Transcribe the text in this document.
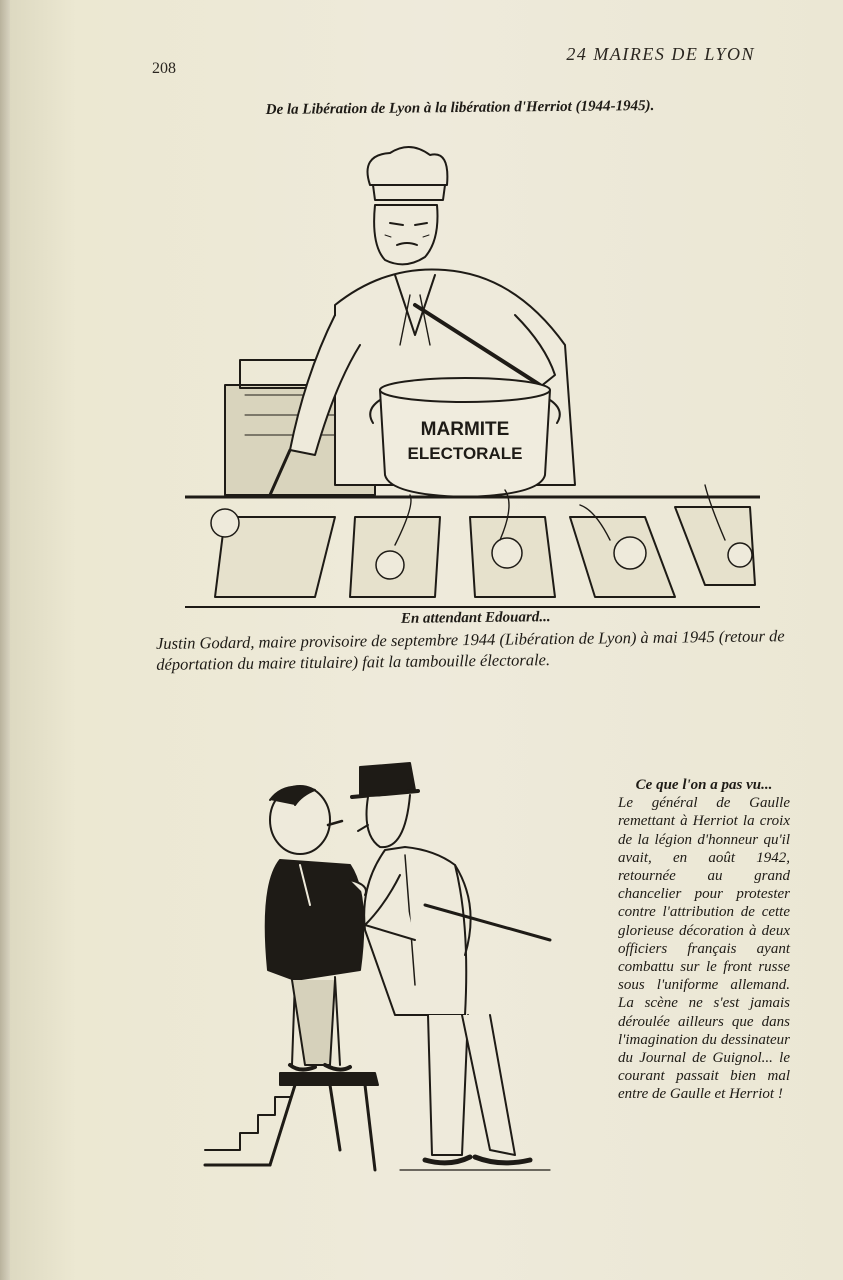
208
24 MAIRES DE LYON
De la Libération de Lyon à la libération d'Herriot (1944-1945).
MARMITE
ELECTORALE
En attendant Edouard...
Justin Godard, maire provisoire de septembre 1944 (Libération de Lyon) à mai 1945 (retour de déportation du maire titulaire) fait la tambouille électorale.
Ce que l'on a pas vu...
Le général de Gaulle remettant à Herriot la croix de la légion d'honneur qu'il avait, en août 1942, retournée au grand chancelier pour protester contre l'attribution de cette glorieuse décoration à deux officiers français ayant combattu sur le front russe sous l'uniforme allemand. La scène ne s'est jamais déroulée ailleurs que dans l'imagination du dessinateur du Journal de Guignol... le courant passait bien mal entre de Gaulle et Herriot !
